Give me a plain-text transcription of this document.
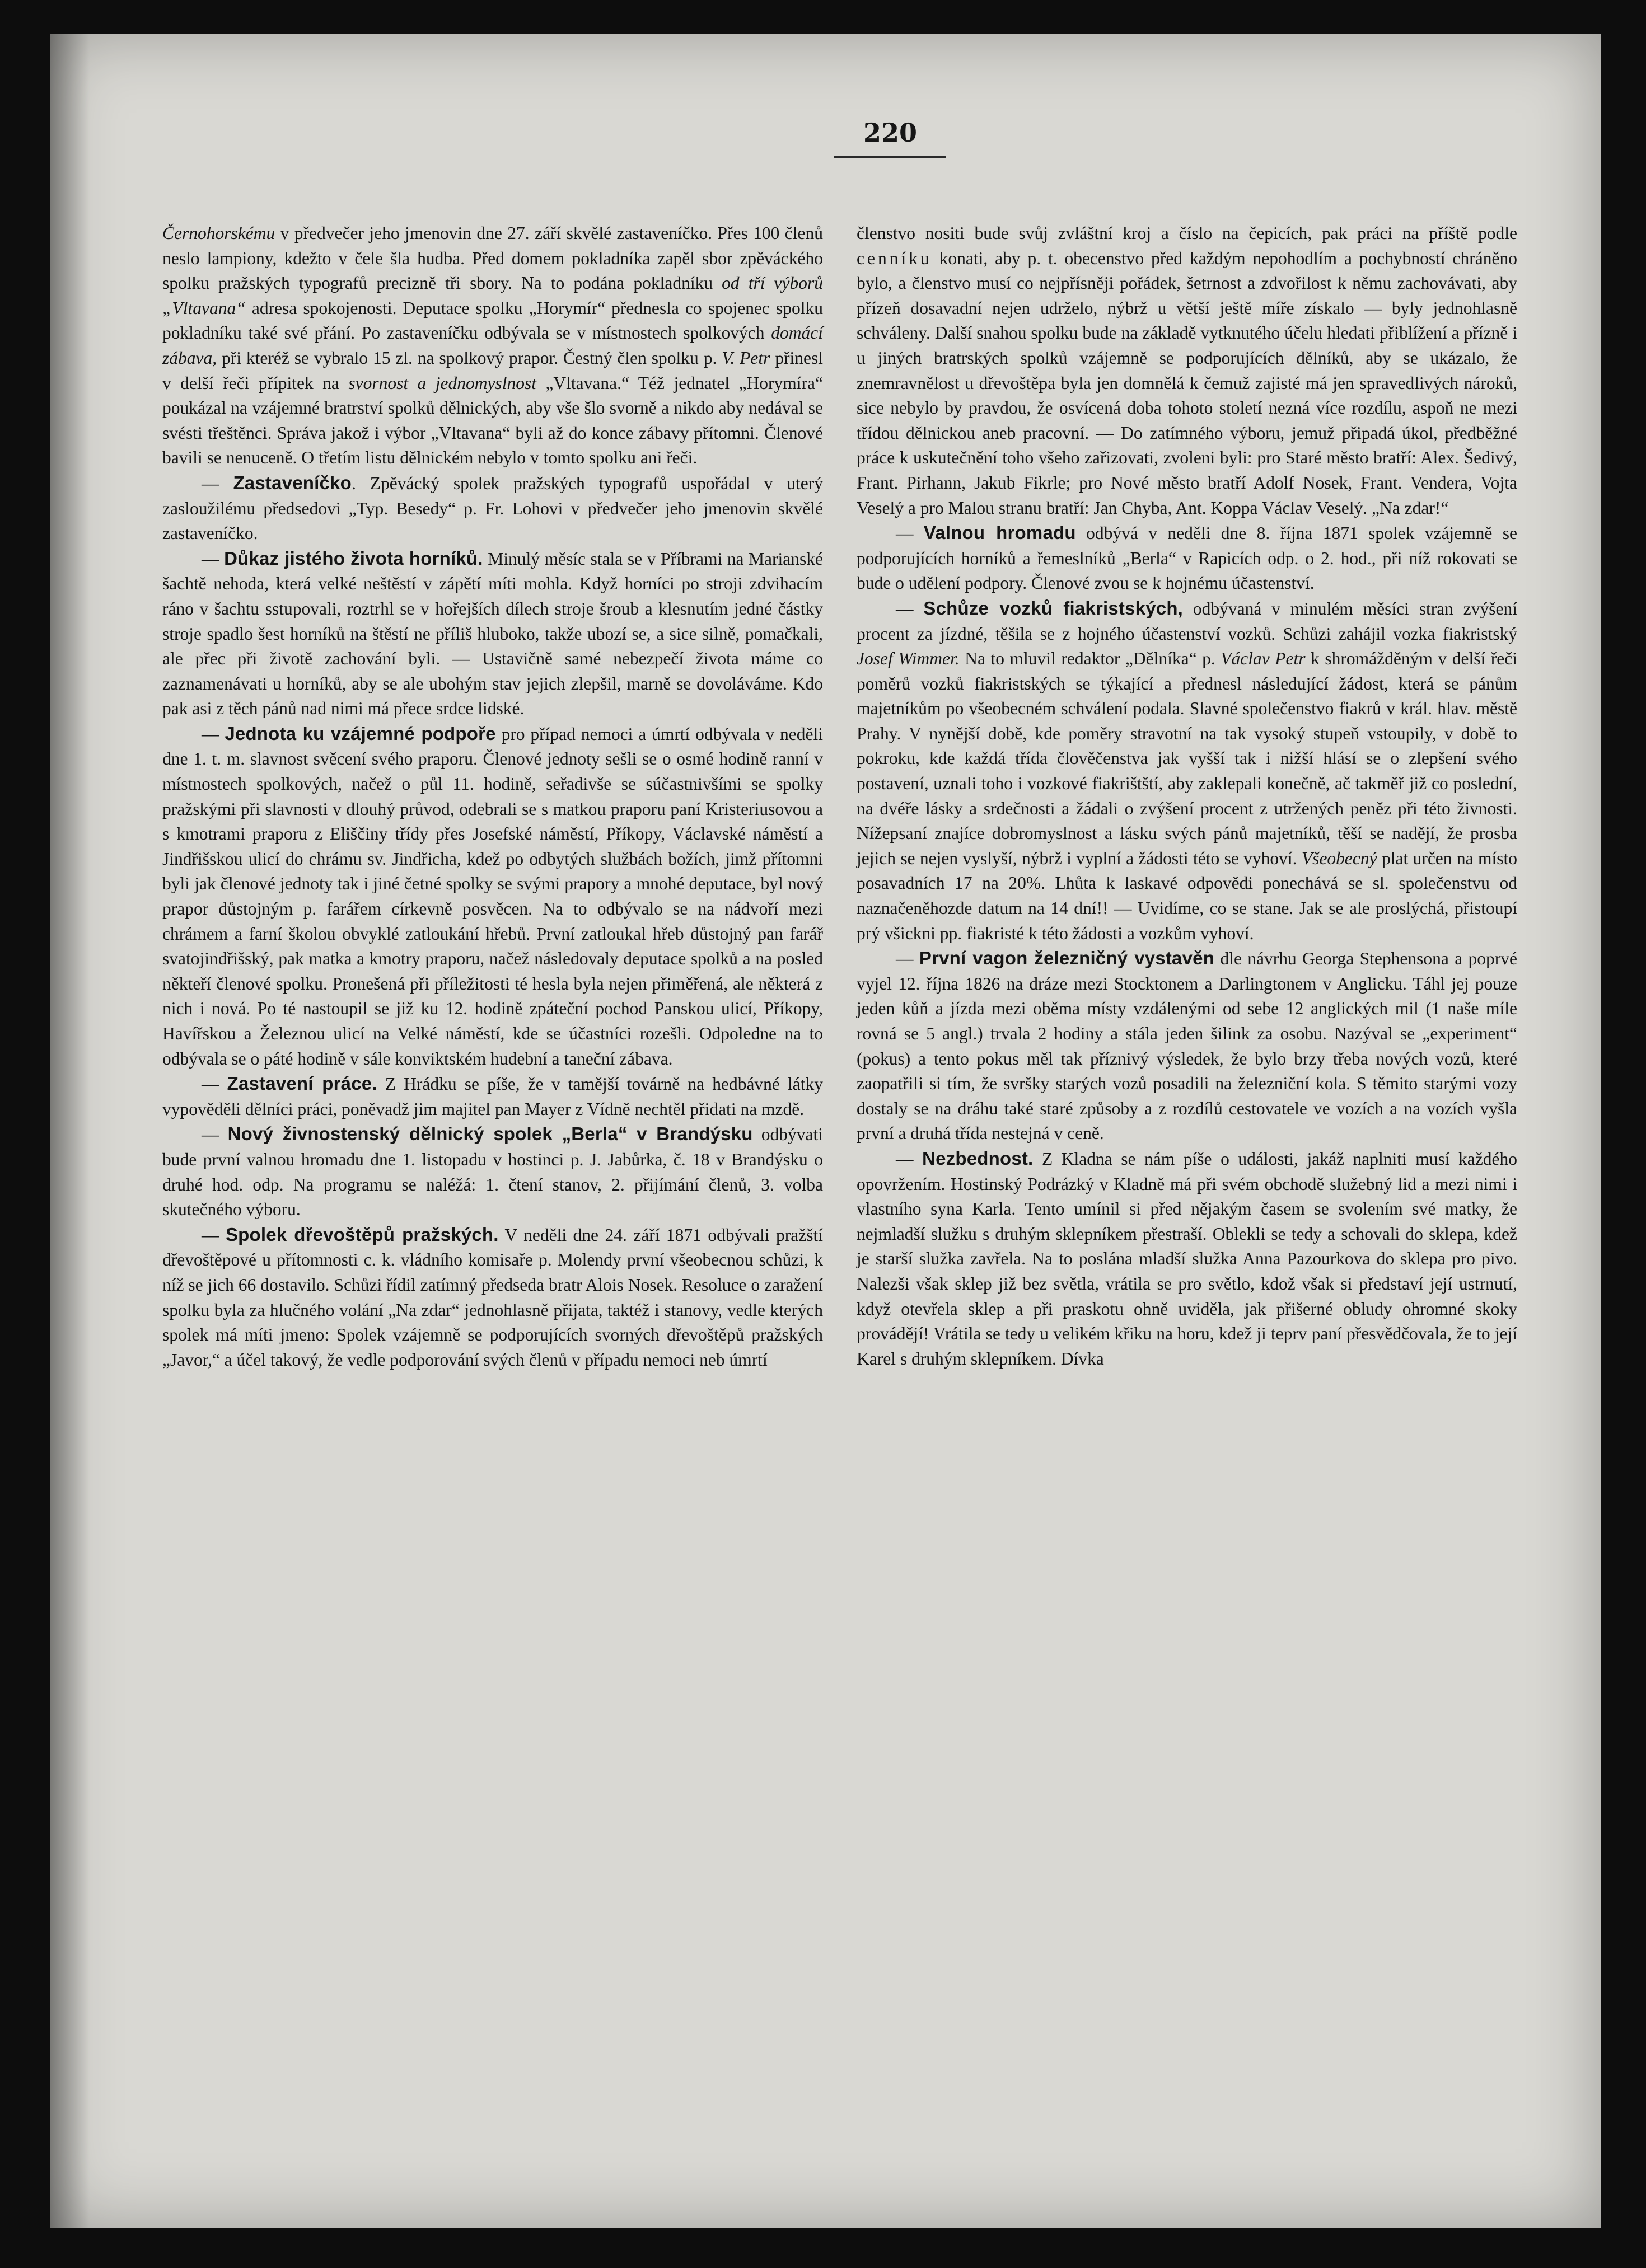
220

Černohorskému v předvečer jeho jmenovin dne 27. září skvělé zastaveníčko. Přes 100 členů neslo lampiony, kdežto v čele šla hudba. Před domem pokladníka zapěl sbor zpěváckého spolku pražských typografů precizně tři sbory. Na to podána pokladníku od tří výborů „Vltavana“ adresa spokojenosti. Deputace spolku „Horymír“ přednesla co spojenec spolku pokladníku také své přání. Po zastaveníčku odbývala se v místnostech spolkových domácí zábava, při kteréž se vybralo 15 zl. na spolkový prapor. Čestný člen spolku p. V. Petr přinesl v delší řeči přípitek na svornost a jednomyslnost „Vltavana.“ Též jednatel „Horymíra“ poukázal na vzájemné bratrství spolků dělnických, aby vše šlo svorně a nikdo aby nedával se svésti třeštěnci. Správa jakož i výbor „Vltavana“ byli až do konce zábavy přítomni. Členové bavili se nenuceně. O třetím listu dělnickém nebylo v tomto spolku ani řeči.

— Zastaveníčko. Zpěvácký spolek pražských typografů uspořádal v uterý zasloužilému předsedovi „Typ. Besedy“ p. Fr. Lohovi v předvečer jeho jmenovin skvělé zastaveníčko.

— Důkaz jistého života horníků. Minulý měsíc stala se v Příbrami na Marianské šachtě nehoda, která velké neštěstí v zápětí míti mohla. Když horníci po stroji zdvihacím ráno v šachtu sstupovali, roztrhl se v hořejších dílech stroje šroub a klesnutím jedné částky stroje spadlo šest horníků na štěstí ne příliš hluboko, takže ubozí se, a sice silně, pomačkali, ale přec při životě zachování byli. — Ustavičně samé nebezpečí života máme co zaznamenávati u horníků, aby se ale ubohým stav jejich zlepšil, marně se dovoláváme. Kdo pak asi z těch pánů nad nimi má přece srdce lidské.

— Jednota ku vzájemné podpoře pro případ nemoci a úmrtí odbývala v neděli dne 1. t. m. slavnost svěcení svého praporu. Členové jednoty sešli se o osmé hodině ranní v místnostech spolkových, načež o půl 11. hodině, seřadivše se súčastnivšími se spolky pražskými při slavnosti v dlouhý průvod, odebrali se s matkou praporu paní Kristeriusovou a s kmotrami praporu z Eliščiny třídy přes Josefské náměstí, Příkopy, Václavské náměstí a Jindřišskou ulicí do chrámu sv. Jindřicha, kdež po odbytých službách božích, jimž přítomni byli jak členové jednoty tak i jiné četné spolky se svými prapory a mnohé deputace, byl nový prapor důstojným p. farářem církevně posvěcen. Na to odbývalo se na nádvoří mezi chrámem a farní školou obvyklé zatloukání hřebů. První zatloukal hřeb důstojný pan farář svatojindřišský, pak matka a kmotry praporu, načež následovaly deputace spolků a na posled někteří členové spolku. Pronešená při příležitosti té hesla byla nejen přiměřená, ale některá z nich i nová. Po té nastoupil se již ku 12. hodině zpáteční pochod Panskou ulicí, Příkopy, Havířskou a Železnou ulicí na Velké náměstí, kde se účastníci rozešli. Odpoledne na to odbývala se o páté hodině v sále konviktském hudební a taneční zábava.

— Zastavení práce. Z Hrádku se píše, že v tamější továrně na hedbávné látky vypověděli dělníci práci, poněvadž jim majitel pan Mayer z Vídně nechtěl přidati na mzdě.

— Nový živnostenský dělnický spolek „Berla“ v Brandýsku odbývati bude první valnou hromadu dne 1. listopadu v hostinci p. J. Jabůrka, č. 18 v Brandýsku o druhé hod. odp. Na programu se naléžá: 1. čtení stanov, 2. přijímání členů, 3. volba skutečného výboru.

— Spolek dřevoštěpů pražských. V neděli dne 24. září 1871 odbývali pražští dřevoštěpové u přítomnosti c. k. vládního komisaře p. Molendy první všeobecnou schůzi, k níž se jich 66 dostavilo. Schůzi řídil zatímný předseda bratr Alois Nosek. Resoluce o zaražení spolku byla za hlučného volání „Na zdar“ jednohlasně přijata, taktéž i stanovy, vedle kterých spolek má míti jmeno: Spolek vzájemně se podporujících svorných dřevoštěpů pražských „Javor,“ a účel takový, že vedle podporování svých členů v případu nemoci neb úmrtí

členstvo nositi bude svůj zvláštní kroj a číslo na čepicích, pak práci na příště podle cenníku konati, aby p. t. obecenstvo před každým nepohodlím a pochybností chráněno bylo, a členstvo musí co nejpřísněji pořádek, šetrnost a zdvořilost k němu zachovávati, aby přízeň dosavadní nejen udrželo, nýbrž u větší ještě míře získalo — byly jednohlasně schváleny. Další snahou spolku bude na základě vytknutého účelu hledati přiblížení a přízně i u jiných bratrských spolků vzájemně se podporujících dělníků, aby se ukázalo, že znemravnělost u dřevoštěpa byla jen domnělá k čemuž zajisté má jen spravedlivých nároků, sice nebylo by pravdou, že osvícená doba tohoto století nezná více rozdílu, aspoň ne mezi třídou dělnickou aneb pracovní. — Do zatímného výboru, jemuž připadá úkol, předběžné práce k uskutečnění toho všeho zařizovati, zvoleni byli: pro Staré město bratří: Alex. Šedivý, Frant. Pirhann, Jakub Fikrle; pro Nové město bratří Adolf Nosek, Frant. Vendera, Vojta Veselý a pro Malou stranu bratří: Jan Chyba, Ant. Koppa Václav Veselý. „Na zdar!“

— Valnou hromadu odbývá v neděli dne 8. října 1871 spolek vzájemně se podporujících horníků a řemeslníků „Berla“ v Rapicích odp. o 2. hod., při níž rokovati se bude o udělení podpory. Členové zvou se k hojnému účastenství.

— Schůze vozků fiakristských, odbývaná v minulém měsíci stran zvýšení procent za jízdné, těšila se z hojného účastenství vozků. Schůzi zahájil vozka fiakristský Josef Wimmer. Na to mluvil redaktor „Dělníka“ p. Václav Petr k shromážděným v delší řeči poměrů vozků fiakristských se týkající a přednesl následující žádost, která se pánům majetníkům po všeobecném schválení podala. Slavné společenstvo fiakrů v král. hlav. městě Prahy. V nynější době, kde poměry stravotní na tak vysoký stupeň vstoupily, v době to pokroku, kde každá třída člověčenstva jak vyšší tak i nižší hlásí se o zlepšení svého postavení, uznali toho i vozkové fiakrištští, aby zaklepali konečně, ač takměř již co poslední, na dvéře lásky a srdečnosti a žádali o zvýšení procent z utržených peněz při této živnosti. Nížepsaní znajíce dobromyslnost a lásku svých pánů majetníků, těší se nadějí, že prosba jejich se nejen vyslyší, nýbrž i vyplní a žádosti této se vyhoví. Všeobecný plat určen na místo posavadních 17 na 20%. Lhůta k laskavé odpovědi ponechává se sl. společenstvu od naznačeněhozde datum na 14 dní!! — Uvidíme, co se stane. Jak se ale proslýchá, přistoupí prý všickni pp. fiakristé k této žádosti a vozkům vyhoví.

— První vagon železničný vystavěn dle návrhu Georga Stephensona a poprvé vyjel 12. října 1826 na dráze mezi Stocktonem a Darlingtonem v Anglicku. Táhl jej pouze jeden kůň a jízda mezi oběma místy vzdálenými od sebe 12 anglických mil (1 naše míle rovná se 5 angl.) trvala 2 hodiny a stála jeden šilink za osobu. Nazýval se „experiment“ (pokus) a tento pokus měl tak příznivý výsledek, že bylo brzy třeba nových vozů, které zaopatřili si tím, že svršky starých vozů posadili na železniční kola. S těmito starými vozy dostaly se na dráhu také staré způsoby a z rozdílů cestovatele ve vozích a na vozích vyšla první a druhá třída nestejná v ceně.

— Nezbednost. Z Kladna se nám píše o události, jakáž naplniti musí každého opovržením. Hostinský Podrázký v Kladně má při svém obchodě služebný lid a mezi nimi i vlastního syna Karla. Tento umínil si před nějakým časem se svolením své matky, že nejmladší služku s druhým sklepníkem přestraší. Oblekli se tedy a schovali do sklepa, kdež je starší služka zavřela. Na to poslána mladší služka Anna Pazourkova do sklepa pro pivo. Nalezši však sklep již bez světla, vrátila se pro světlo, kdož však si představí její ustrnutí, když otevřela sklep a při praskotu ohně uviděla, jak přišerné obludy ohromné skoky provádějí! Vrátila se tedy u velikém křiku na horu, kdež ji teprv paní přesvědčovala, že to její Karel s druhým sklepníkem. Dívka
